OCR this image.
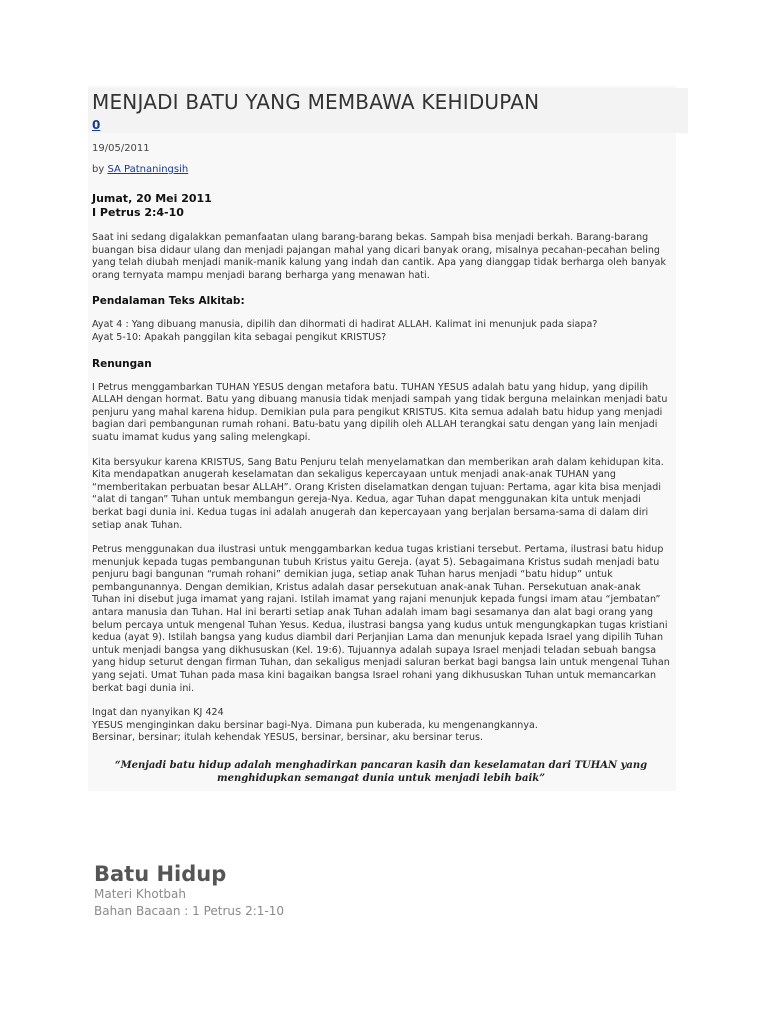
MENJADI BATU YANG MEMBAWA KEHIDUPAN
0
19/05/2011
by SA Patnaningsih
Jumat, 20 Mei 2011
I Petrus 2:4-10
Saat ini sedang digalakkan pemanfaatan ulang barang-barang bekas. Sampah bisa menjadi berkah. Barang-barang buangan bisa didaur ulang dan menjadi pajangan mahal yang dicari banyak orang, misalnya pecahan-pecahan beling yang telah diubah menjadi manik-manik kalung yang indah dan cantik. Apa yang dianggap tidak berharga oleh banyak orang ternyata mampu menjadi barang berharga yang menawan hati.
Pendalaman Teks Alkitab:
Ayat 4 : Yang dibuang manusia, dipilih dan dihormati di hadirat ALLAH. Kalimat ini menunjuk pada siapa?
Ayat 5-10: Apakah panggilan kita sebagai pengikut KRISTUS?
Renungan
I Petrus menggambarkan TUHAN YESUS dengan metafora batu. TUHAN YESUS adalah batu yang hidup, yang dipilih ALLAH dengan hormat. Batu yang dibuang manusia tidak menjadi sampah yang tidak berguna melainkan menjadi batu penjuru yang mahal karena hidup. Demikian pula para pengikut KRISTUS. Kita semua adalah batu hidup yang menjadi bagian dari pembangunan rumah rohani. Batu-batu yang dipilih oleh ALLAH terangkai satu dengan yang lain menjadi suatu imamat kudus yang saling melengkapi.
Kita bersyukur karena KRISTUS, Sang Batu Penjuru telah menyelamatkan dan memberikan arah dalam kehidupan kita. Kita mendapatkan anugerah keselamatan dan sekaligus kepercayaan untuk menjadi anak-anak TUHAN yang “memberitakan perbuatan besar ALLAH”. Orang Kristen diselamatkan dengan tujuan: Pertama, agar kita bisa menjadi “alat di tangan” Tuhan untuk membangun gereja-Nya. Kedua, agar Tuhan dapat menggunakan kita untuk menjadi berkat bagi dunia ini. Kedua tugas ini adalah anugerah dan kepercayaan yang berjalan bersama-sama di dalam diri setiap anak Tuhan.
Petrus menggunakan dua ilustrasi untuk menggambarkan kedua tugas kristiani tersebut. Pertama, ilustrasi batu hidup menunjuk kepada tugas pembangunan tubuh Kristus yaitu Gereja. (ayat 5). Sebagaimana Kristus sudah menjadi batu penjuru bagi bangunan “rumah rohani” demikian juga, setiap anak Tuhan harus menjadi “batu hidup” untuk pembangunannya. Dengan demikian, Kristus adalah dasar persekutuan anak-anak Tuhan. Persekutuan anak-anak Tuhan ini disebut juga imamat yang rajani. Istilah imamat yang rajani menunjuk kepada fungsi imam atau “jembatan” antara manusia dan Tuhan. Hal ini berarti setiap anak Tuhan adalah imam bagi sesamanya dan alat bagi orang yang belum percaya untuk mengenal Tuhan Yesus. Kedua, ilustrasi bangsa yang kudus untuk mengungkapkan tugas kristiani kedua (ayat 9). Istilah bangsa yang kudus diambil dari Perjanjian Lama dan menunjuk kepada Israel yang dipilih Tuhan untuk menjadi bangsa yang dikhususkan (Kel. 19:6). Tujuannya adalah supaya Israel menjadi teladan sebuah bangsa yang hidup seturut dengan firman Tuhan, dan sekaligus menjadi saluran berkat bagi bangsa lain untuk mengenal Tuhan yang sejati. Umat Tuhan pada masa kini bagaikan bangsa Israel rohani yang dikhususkan Tuhan untuk memancarkan berkat bagi dunia ini.
Ingat dan nyanyikan KJ 424
YESUS menginginkan daku bersinar bagi-Nya. Dimana pun kuberada, ku mengenangkannya.
Bersinar, bersinar; itulah kehendak YESUS, bersinar, bersinar, aku bersinar terus.
“Menjadi batu hidup adalah menghadirkan pancaran kasih dan keselamatan dari TUHAN yang menghidupkan semangat dunia untuk menjadi lebih baik”
Batu Hidup
Materi Khotbah
Bahan Bacaan : 1 Petrus 2:1-10
